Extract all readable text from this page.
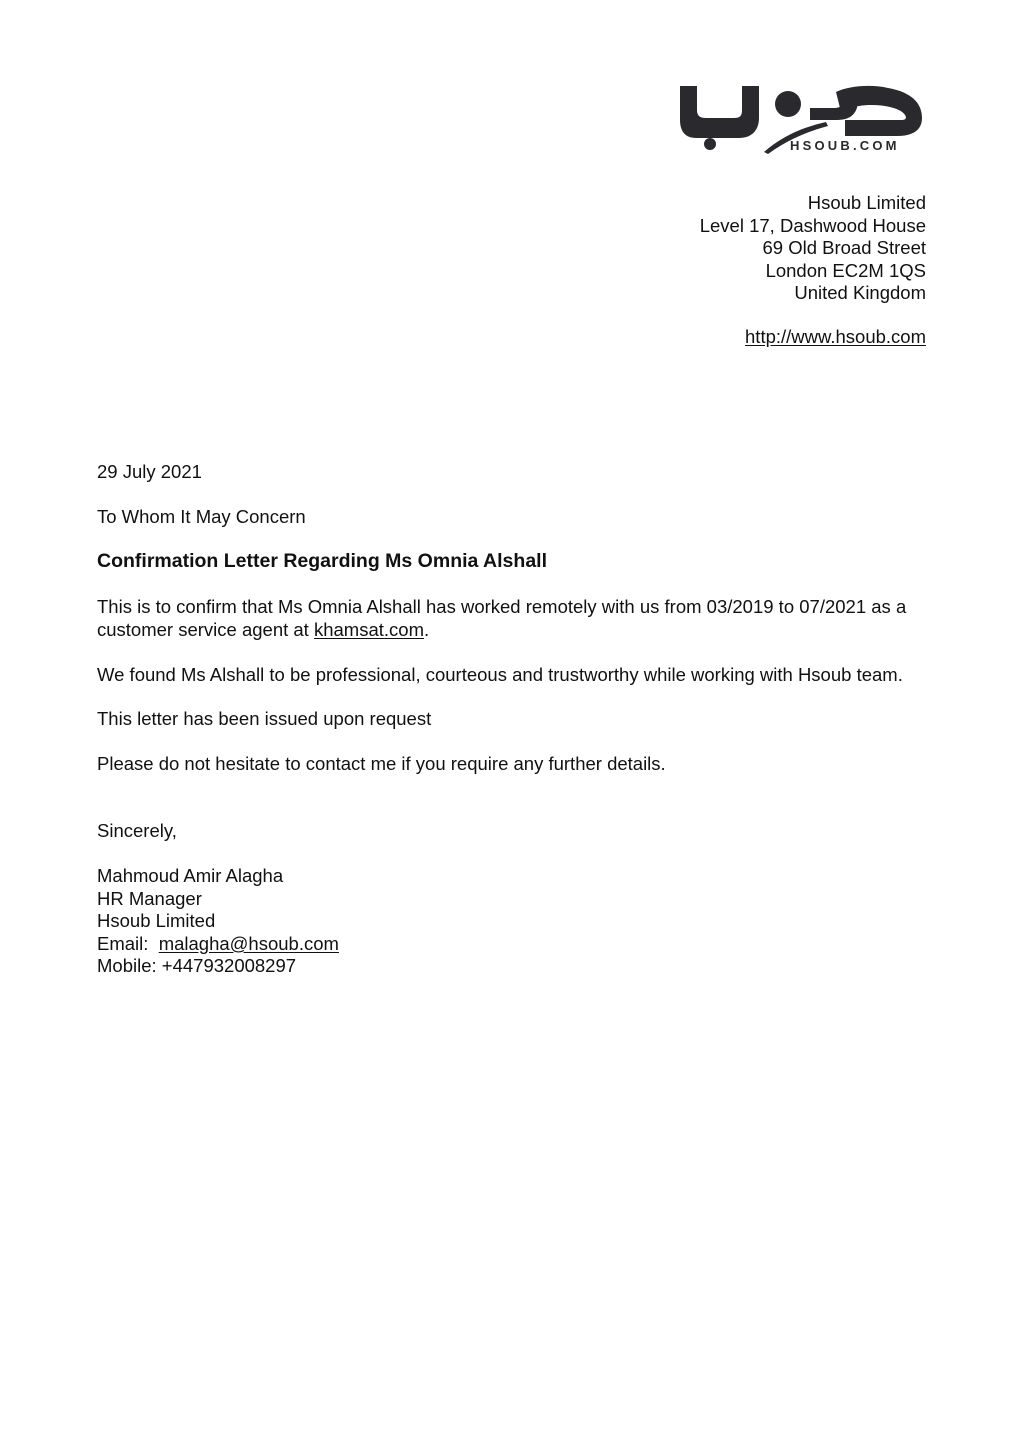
HSOUB.COM
Hsoub Limited
Level 17, Dashwood House
69 Old Broad Street
London EC2M 1QS
United Kingdom
http://www.hsoub.com
29 July 2021
To Whom It May Concern
Confirmation Letter Regarding Ms Omnia Alshall
This is to confirm that Ms Omnia Alshall has worked remotely with us from 03/2019 to 07/2021 as a customer service agent at khamsat.com.
We found Ms Alshall to be professional, courteous and trustworthy while working with Hsoub team.
This letter has been issued upon request
Please do not hesitate to contact me if you require any further details.
Sincerely,
Mahmoud Amir Alagha
HR Manager
Hsoub Limited
Email: malagha@hsoub.com
Mobile: +447932008297
